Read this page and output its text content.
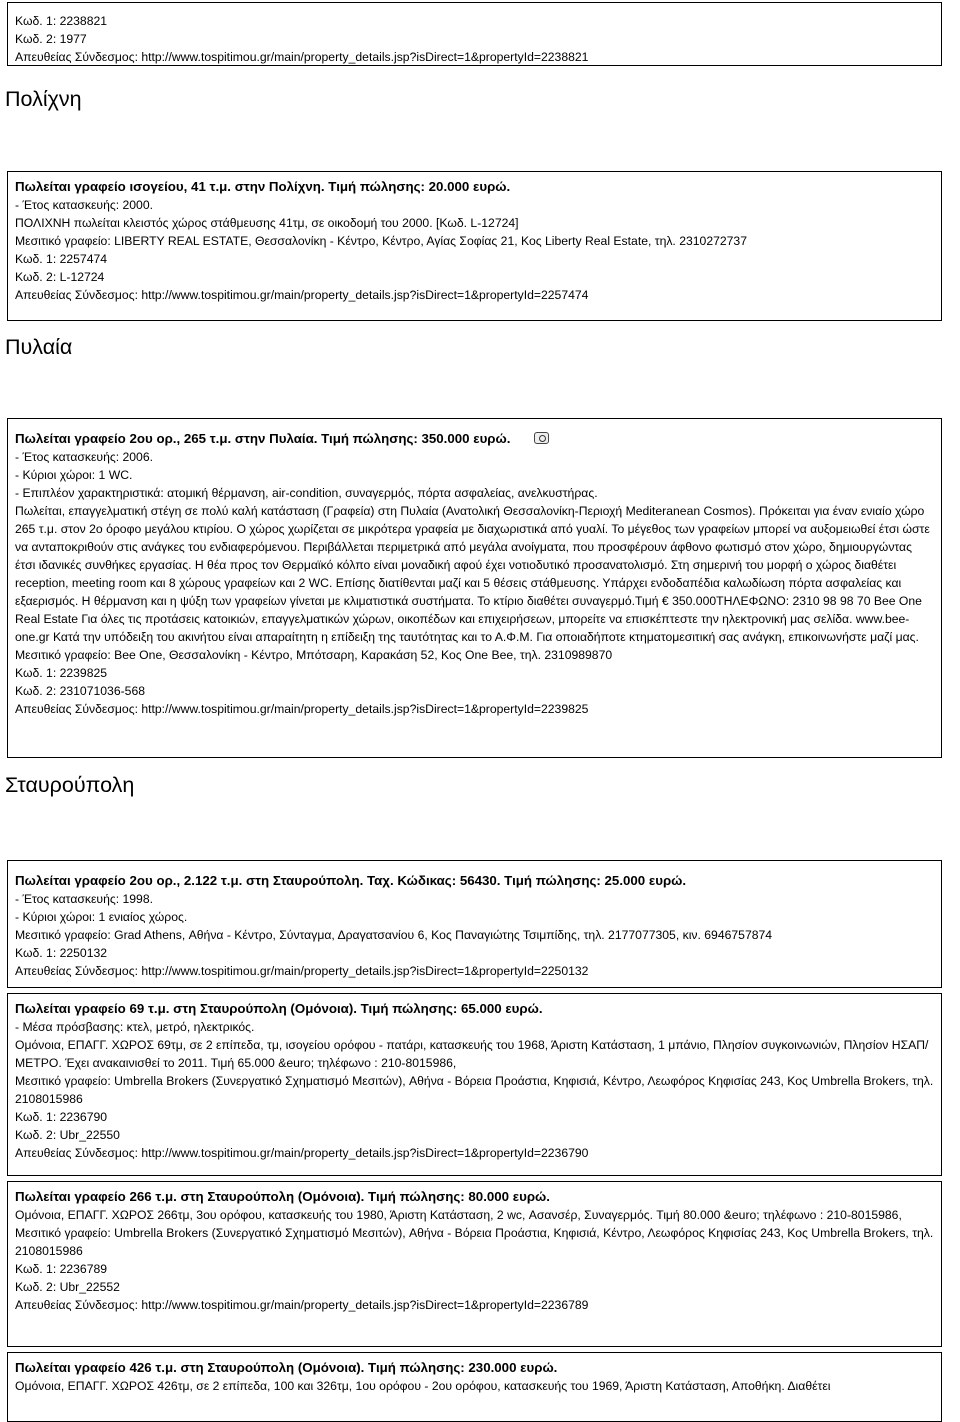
Κωδ. 1: 2238821
Κωδ. 2: 1977
Απευθείας Σύνδεσμος: http://www.tospitimou.gr/main/property_details.jsp?isDirect=1&propertyId=2238821
Πολίχνη
Πωλείται γραφείο ισογείου, 41 τ.μ. στην Πολίχνη. Τιμή πώλησης: 20.000 ευρώ.
- Έτος κατασκευής: 2000.
ΠΟΛΙΧΝΗ πωλείται κλειστός χώρος στάθμευσης 41τμ, σε οικοδομή του 2000. [Κωδ. L-12724]
Μεσιτικό γραφείο: LIBERTY REAL ESTATE, Θεσσαλονίκη - Κέντρο, Κέντρο, Αγίας Σοφίας 21, Κος Liberty Real Estate, τηλ. 2310272737
Κωδ. 1: 2257474
Κωδ. 2: L-12724
Απευθείας Σύνδεσμος: http://www.tospitimou.gr/main/property_details.jsp?isDirect=1&propertyId=2257474
Πυλαία
Πωλείται γραφείο 2ου ορ., 265 τ.μ. στην Πυλαία. Τιμή πώλησης: 350.000 ευρώ.
- Έτος κατασκευής: 2006.
- Κύριοι χώροι: 1 WC.
- Επιπλέον χαρακτηριστικά: ατομική θέρμανση, air-condition, συναγερμός, πόρτα ασφαλείας, ανελκυστήρας.
Πωλείται, επαγγελματική στέγη σε πολύ καλή κατάσταση (Γραφεία) στη Πυλαία (Ανατολική Θεσσαλονίκη-Περιοχή Mediteranean Cosmos). Πρόκειται για έναν ενιαίο χώρο 265 τ.μ. στον 2ο όροφο μεγάλου κτιρίου. Ο χώρος χωρίζεται σε μικρότερα γραφεία με διαχωριστικά από γυαλί. Το μέγεθος των γραφείων μπορεί να αυξομειωθεί έτσι ώστε να ανταποκριθούν στις ανάγκες του ενδιαφερόμενου. Περιβάλλεται περιμετρικά από μεγάλα ανοίγματα, που προσφέρουν άφθονο φωτισμό στον χώρο, δημιουργώντας έτσι ιδανικές συνθήκες εργασίας. Η θέα προς τον Θερμαϊκό κόλπο είναι μοναδική αφού έχει νοτιοδυτικό προσανατολισμό. Στη σημερινή του μορφή ο χώρος διαθέτει reception, meeting room και 8 χώρους γραφείων και 2 WC. Επίσης διατίθενται μαζί και 5 θέσεις στάθμευσης. Υπάρχει ενδοδαπέδια καλωδίωση πόρτα ασφαλείας και εξαερισμός. Η θέρμανση και η ψύξη των γραφείων γίνεται με κλιματιστικά συστήματα. Το κτίριο διαθέτει συναγερμό.Τιμή € 350.000ΤΗΛΕΦΩΝΟ: 2310 98 98 70 Bee One Real Estate Για όλες τις προτάσεις κατοικιών, επαγγελματικών χώρων, οικοπέδων και επιχειρήσεων, μπορείτε να επισκέπτεστε την ηλεκτρονική μας σελίδα. www.bee-one.gr Κατά την υπόδειξη του ακινήτου είναι απαραίτητη η επίδειξη της ταυτότητας και το Α.Φ.Μ. Για οποιαδήποτε κτηματομεσιτική σας ανάγκη, επικοινωνήστε μαζί μας.
Μεσιτικό γραφείο: Bee One, Θεσσαλονίκη - Κέντρο, Μπότσαρη, Καρακάση 52, Κος One Bee, τηλ. 2310989870
Κωδ. 1: 2239825
Κωδ. 2: 231071036-568
Απευθείας Σύνδεσμος: http://www.tospitimou.gr/main/property_details.jsp?isDirect=1&propertyId=2239825
Σταυρούπολη
Πωλείται γραφείο 2ου ορ., 2.122 τ.μ. στη Σταυρούπολη. Ταχ. Κώδικας: 56430. Τιμή πώλησης: 25.000 ευρώ.
- Έτος κατασκευής: 1998.
- Κύριοι χώροι: 1 ενιαίος χώρος.
Μεσιτικό γραφείο: Grad Athens, Αθήνα - Κέντρο, Σύνταγμα, Δραγατσανίου 6, Κος Παναγιώτης Τσιμπίδης, τηλ. 2177077305, κιν. 6946757874
Κωδ. 1: 2250132
Απευθείας Σύνδεσμος: http://www.tospitimou.gr/main/property_details.jsp?isDirect=1&propertyId=2250132
Πωλείται γραφείο 69 τ.μ. στη Σταυρούπολη (Ομόνοια). Τιμή πώλησης: 65.000 ευρώ.
- Μέσα πρόσβασης: κτελ, μετρό, ηλεκτρικός.
Ομόνοια, ΕΠΑΓΓ. ΧΩΡΟΣ 69τμ, σε 2 επίπεδα, τμ, ισογείου ορόφου - πατάρι, κατασκευής του 1968, Άριστη Κατάσταση, 1 μπάνιο, Πλησίον συγκοινωνιών, Πλησίον ΗΣΑΠ/ΜΕΤΡΟ. Έχει ανακαινισθεί το 2011. Τιμή 65.000 &euro; τηλέφωνο : 210-8015986,
Μεσιτικό γραφείο: Umbrella Brokers (Συνεργατικό Σχηματισμό Μεσιτών), Αθήνα - Βόρεια Προάστια, Κηφισιά, Κέντρο, Λεωφόρος Κηφισίας 243, Κος Umbrella Brokers, τηλ. 2108015986
Κωδ. 1: 2236790
Κωδ. 2: Ubr_22550
Απευθείας Σύνδεσμος: http://www.tospitimou.gr/main/property_details.jsp?isDirect=1&propertyId=2236790
Πωλείται γραφείο 266 τ.μ. στη Σταυρούπολη (Ομόνοια). Τιμή πώλησης: 80.000 ευρώ.
Ομόνοια, ΕΠΑΓΓ. ΧΩΡΟΣ 266τμ, 3ου ορόφου, κατασκευής του 1980, Άριστη Κατάσταση, 2 wc, Ασανσέρ, Συναγερμός. Τιμή 80.000 &euro; τηλέφωνο : 210-8015986,
Μεσιτικό γραφείο: Umbrella Brokers (Συνεργατικό Σχηματισμό Μεσιτών), Αθήνα - Βόρεια Προάστια, Κηφισιά, Κέντρο, Λεωφόρος Κηφισίας 243, Κος Umbrella Brokers, τηλ. 2108015986
Κωδ. 1: 2236789
Κωδ. 2: Ubr_22552
Απευθείας Σύνδεσμος: http://www.tospitimou.gr/main/property_details.jsp?isDirect=1&propertyId=2236789
Πωλείται γραφείο 426 τ.μ. στη Σταυρούπολη (Ομόνοια). Τιμή πώλησης: 230.000 ευρώ.
Ομόνοια, ΕΠΑΓΓ. ΧΩΡΟΣ 426τμ, σε 2 επίπεδα, 100 και 326τμ, 1ου ορόφου - 2ου ορόφου, κατασκευής του 1969, Άριστη Κατάσταση, Αποθήκη. Διαθέτει
